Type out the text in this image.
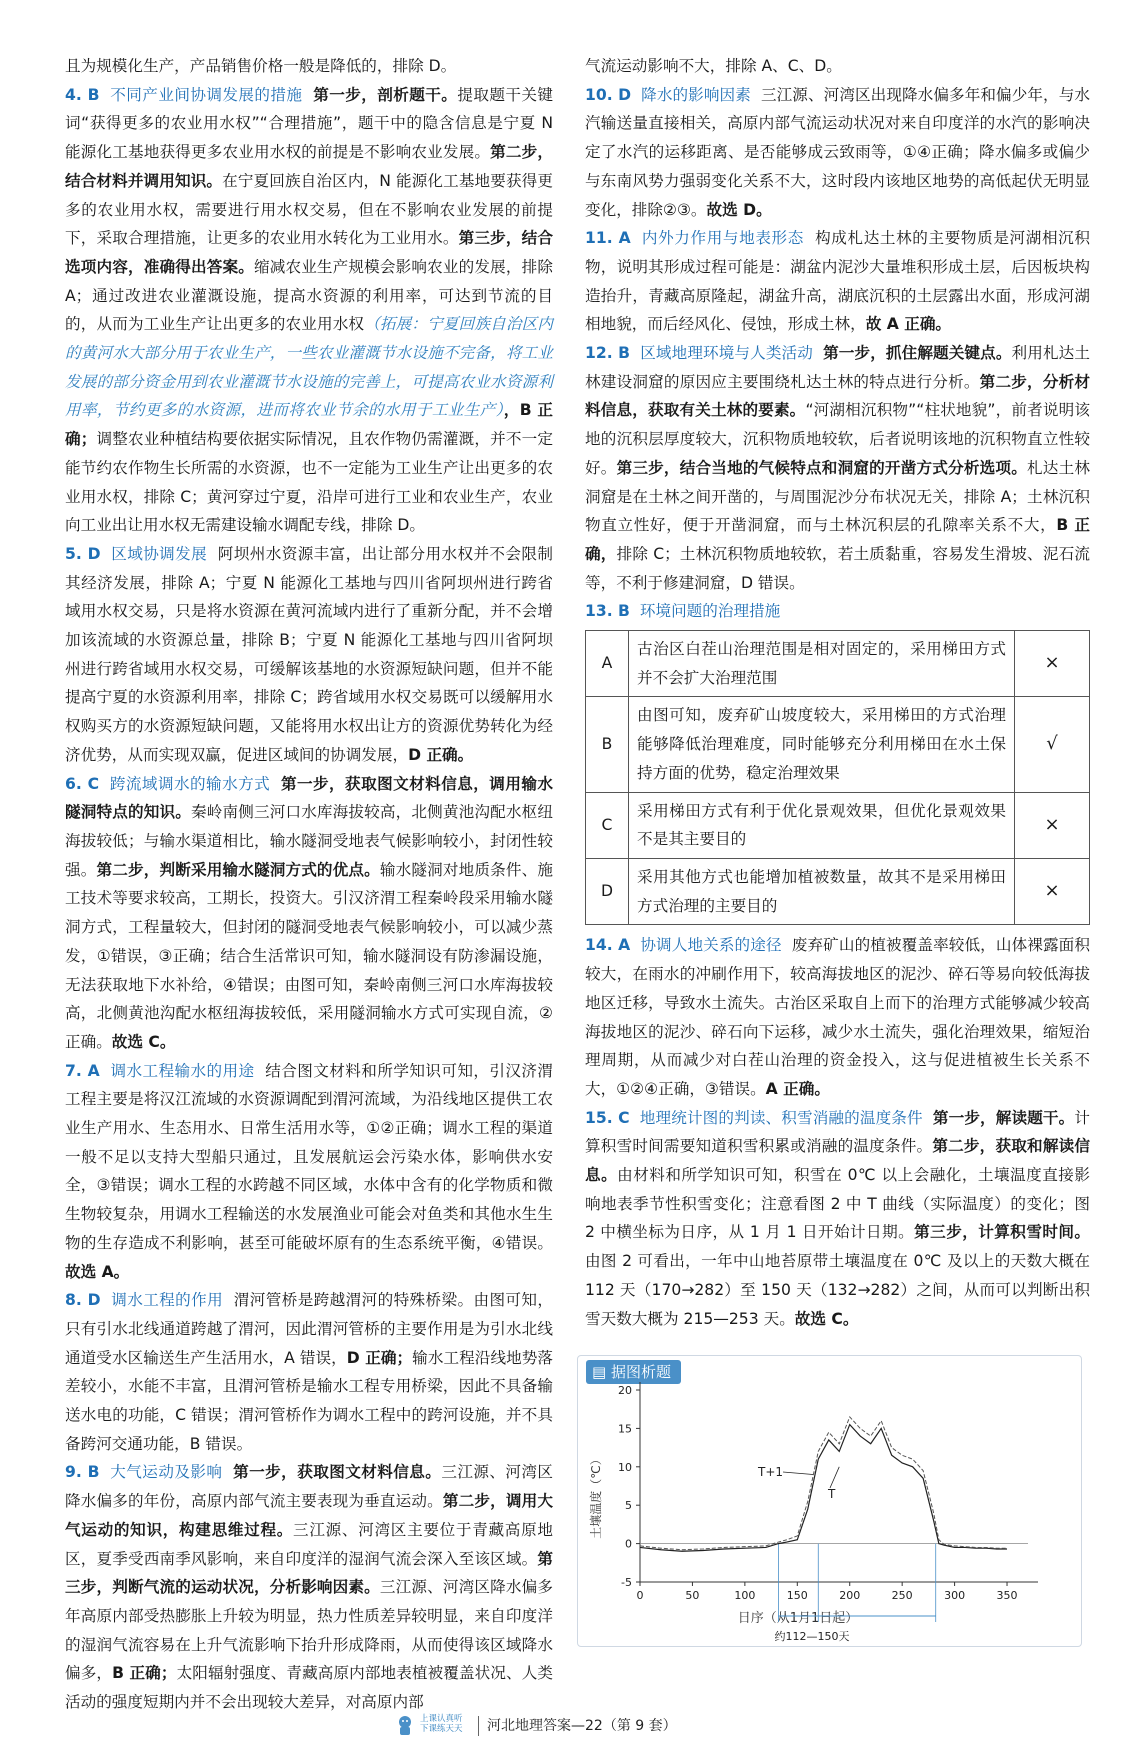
且为规模化生产，产品销售价格一般是降低的，排除 D。

4. B 不同产业间协调发展的措施 第一步，剖析题干。提取题干关键词“获得更多的农业用水权”“合理措施”，题干中的隐含信息是宁夏 N 能源化工基地获得更多农业用水权的前提是不影响农业发展。第二步，结合材料并调用知识。在宁夏回族自治区内，N 能源化工基地要获得更多的农业用水权，需要进行用水权交易，但在不影响农业发展的前提下，采取合理措施，让更多的农业用水转化为工业用水。第三步，结合选项内容，准确得出答案。缩减农业生产规模会影响农业的发展，排除 A；通过改进农业灌溉设施，提高水资源的利用率，可达到节流的目的，从而为工业生产让出更多的农业用水权（拓展：宁夏回族自治区内的黄河水大部分用于农业生产，一些农业灌溉节水设施不完备，将工业发展的部分资金用到农业灌溉节水设施的完善上，可提高农业水资源利用率，节约更多的水资源，进而将农业节余的水用于工业生产），B 正确；调整农业种植结构要依据实际情况，且农作物仍需灌溉，并不一定能节约农作物生长所需的水资源，也不一定能为工业生产让出更多的农业用水权，排除 C；黄河穿过宁夏，沿岸可进行工业和农业生产，农业向工业出让用水权无需建设输水调配专线，排除 D。

5. D 区域协调发展 阿坝州水资源丰富，出让部分用水权并不会限制其经济发展，排除 A；宁夏 N 能源化工基地与四川省阿坝州进行跨省域用水权交易，只是将水资源在黄河流域内进行了重新分配，并不会增加该流域的水资源总量，排除 B；宁夏 N 能源化工基地与四川省阿坝州进行跨省域用水权交易，可缓解该基地的水资源短缺问题，但并不能提高宁夏的水资源利用率，排除 C；跨省域用水权交易既可以缓解用水权购买方的水资源短缺问题，又能将用水权出让方的资源优势转化为经济优势，从而实现双赢，促进区域间的协调发展，D 正确。

6. C 跨流域调水的输水方式 第一步，获取图文材料信息，调用输水隧洞特点的知识。秦岭南侧三河口水库海拔较高，北侧黄池沟配水枢纽海拔较低；与输水渠道相比，输水隧洞受地表气候影响较小，封闭性较强。第二步，判断采用输水隧洞方式的优点。输水隧洞对地质条件、施工技术等要求较高，工期长，投资大。引汉济渭工程秦岭段采用输水隧洞方式，工程量较大，但封闭的隧洞受地表气候影响较小，可以减少蒸发，①错误，③正确；结合生活常识可知，输水隧洞设有防渗漏设施，无法获取地下水补给，④错误；由图可知，秦岭南侧三河口水库海拔较高，北侧黄池沟配水枢纽海拔较低，采用隧洞输水方式可实现自流，②正确。故选 C。

7. A 调水工程输水的用途 结合图文材料和所学知识可知，引汉济渭工程主要是将汉江流域的水资源调配到渭河流域，为沿线地区提供工农业生产用水、生态用水、日常生活用水等，①②正确；调水工程的渠道一般不足以支持大型船只通过，且发展航运会污染水体，影响供水安全，③错误；调水工程的水跨越不同区域，水体中含有的化学物质和微生物较复杂，用调水工程输送的水发展渔业可能会对鱼类和其他水生生物的生存造成不利影响，甚至可能破坏原有的生态系统平衡，④错误。故选 A。

8. D 调水工程的作用 渭河管桥是跨越渭河的特殊桥梁。由图可知，只有引水北线通道跨越了渭河，因此渭河管桥的主要作用是为引水北线通道受水区输送生产生活用水，A 错误，D 正确；输水工程沿线地势落差较小，水能不丰富，且渭河管桥是输水工程专用桥梁，因此不具备输送水电的功能，C 错误；渭河管桥作为调水工程中的跨河设施，并不具备跨河交通功能，B 错误。

9. B 大气运动及影响 第一步，获取图文材料信息。三江源、河湾区降水偏多的年份，高原内部气流主要表现为垂直运动。第二步，调用大气运动的知识，构建思维过程。三江源、河湾区主要位于青藏高原地区，夏季受西南季风影响，来自印度洋的湿润气流会深入至该区域。第三步，判断气流的运动状况，分析影响因素。三江源、河湾区降水偏多年高原内部受热膨胀上升较为明显，热力性质差异较明显，来自印度洋的湿润气流容易在上升气流影响下抬升形成降雨，从而使得该区域降水偏多，B 正确；太阳辐射强度、青藏高原内部地表植被覆盖状况、人类活动的强度短期内并不会出现较大差异，对高原内部

气流运动影响不大，排除 A、C、D。

10. D 降水的影响因素 三江源、河湾区出现降水偏多年和偏少年，与水汽输送量直接相关，高原内部气流运动状况对来自印度洋的水汽的影响决定了水汽的运移距离、是否能够成云致雨等，①④正确；降水偏多或偏少与东南风势力强弱变化关系不大，这时段内该地区地势的高低起伏无明显变化，排除②③。故选 D。

11. A 内外力作用与地表形态 构成札达土林的主要物质是河湖相沉积物，说明其形成过程可能是：湖盆内泥沙大量堆积形成土层，后因板块构造抬升，青藏高原隆起，湖盆升高，湖底沉积的土层露出水面，形成河湖相地貌，而后经风化、侵蚀，形成土林，故 A 正确。

12. B 区域地理环境与人类活动 第一步，抓住解题关键点。利用札达土林建设洞窟的原因应主要围绕札达土林的特点进行分析。第二步，分析材料信息，获取有关土林的要素。“河湖相沉积物”“柱状地貌”，前者说明该地的沉积层厚度较大，沉积物质地较软，后者说明该地的沉积物直立性较好。第三步，结合当地的气候特点和洞窟的开凿方式分析选项。札达土林洞窟是在土林之间开凿的，与周围泥沙分布状况无关，排除 A；土林沉积物直立性好，便于开凿洞窟，而与土林沉积层的孔隙率关系不大，B 正确，排除 C；土林沉积物质地较软，若土质黏重，容易发生滑坡、泥石流等，不利于修建洞窟，D 错误。

13. B 环境问题的治理措施

A	古治区白茬山治理范围是相对固定的，采用梯田方式并不会扩大治理范围	×
B	由图可知，废弃矿山坡度较大，采用梯田的方式治理能够降低治理难度，同时能够充分利用梯田在水土保持方面的优势，稳定治理效果	√
C	采用梯田方式有利于优化景观效果，但优化景观效果不是其主要目的	×
D	采用其他方式也能增加植被数量，故其不是采用梯田方式治理的主要目的	×

14. A 协调人地关系的途径 废弃矿山的植被覆盖率较低，山体裸露面积较大，在雨水的冲刷作用下，较高海拔地区的泥沙、碎石等易向较低海拔地区迁移，导致水土流失。古治区采取自上而下的治理方式能够减少较高海拔地区的泥沙、碎石向下运移，减少水土流失，强化治理效果，缩短治理周期，从而减少对白茬山治理的资金投入，这与促进植被生长关系不大，①②④正确，③错误。A 正确。

15. C 地理统计图的判读、积雪消融的温度条件 第一步，解读题干。计算积雪时间需要知道积雪积累或消融的温度条件。第二步，获取和解读信息。由材料和所学知识可知，积雪在 0℃ 以上会融化，土壤温度直接影响地表季节性积雪变化；注意看图 2 中 T 曲线（实际温度）的变化；图 2 中横坐标为日序，从 1 月 1 日开始计日期。第三步，计算积雪时间。由图 2 可看出，一年中山地苔原带土壤温度在 0℃ 及以上的天数大概在 112 天（170→282）至 150 天（132→282）之间，从而可以判断出积雪天数大概为 215—253 天。故选 C。

▤ 据图析题
土壤温度（℃）
日序（从1月1日起）
T+1
T
约112—150天
-5
0
5
10
15
20
0	50	100	150	200	250	300	350
上课认真听
下课练天天 河北地理答案—22（第 9 套）
